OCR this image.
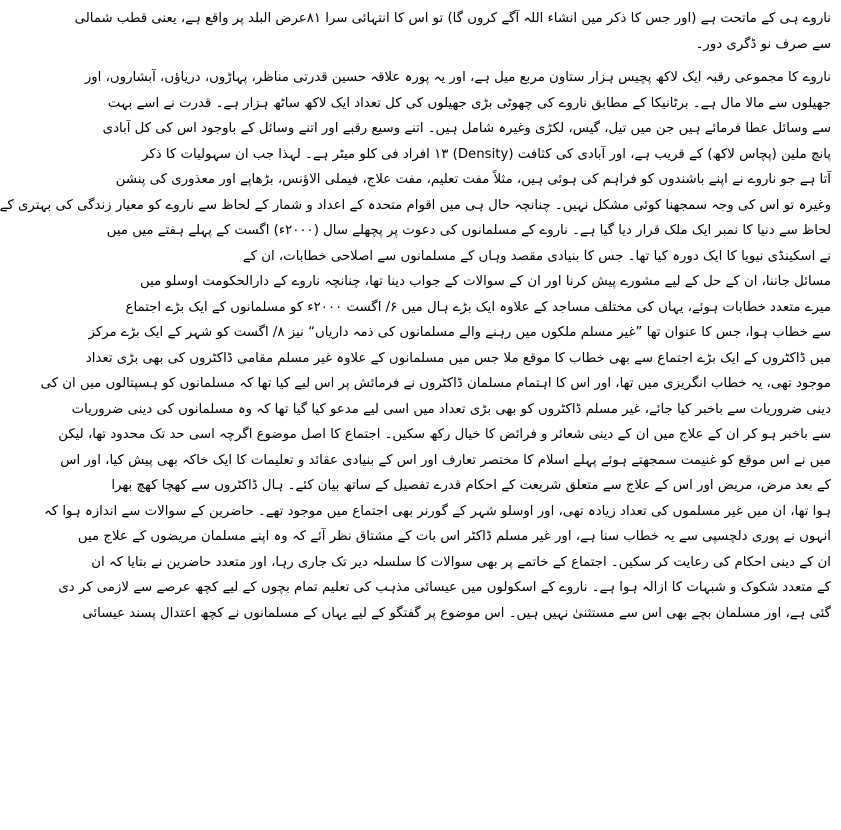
ناروے ہی کے ماتحت ہے (اور جس کا ذکر میں انشاء اللہ آگے کروں گا) تو اس کا انتہائی سرا ۸۱عرض البلد پر واقع ہے، یعنی قطب شمالی
سے صرف نو ڈگری دور۔
ناروے کا مجموعی رقبہ ایک لاکھ پچیس ہزار ستاون مربع میل ہے، اور یہ پورہ علاقہ حسین قدرتی مناظر، پہاڑوں، دریاؤں، آبشاروں، اور
جھیلوں سے مالا مال ہے۔ برٹانیکا کے مطابق ناروے کی چھوٹی بڑی جھیلوں کی کل تعداد ایک لاکھ ساٹھ ہزار ہے۔ قدرت نے اسے بہت
سے وسائل عطا فرمائے ہیں جن میں تیل، گیس، لکڑی وغیرہ شامل ہیں۔ اتنے وسیع رقبے اور اتنے وسائل کے باوجود اس کی کل آبادی
پانچ ملین (پچاس لاکھ) کے قریب ہے، اور آبادی کی کثافت (Density) ۱۳ افراد فی کلو میٹر ہے۔ لہذا جب ان سہولیات کا ذکر
آتا ہے جو ناروے نے اپنے باشندوں کو فراہم کی ہوئی ہیں، مثلاً مفت تعلیم، مفت علاج، فیملی الاؤنس، بڑھاپے اور معذوری کی پنشن
وغیرہ تو اس کی وجہ سمجھنا کوئی مشکل نہیں۔ چنانچہ حال ہی میں اقوام متحدہ کے اعداد و شمار کے لحاظ سے ناروے کو معیار زندگی کی بہتری کے
لحاظ سے دنیا کا نمبر ایک ملک قرار دیا گیا ہے۔ ناروے کے مسلمانوں کی دعوت پر پچھلے سال (۲۰۰۰ء) اگست کے پہلے ہفتے میں میں
نے اسکینڈی نیویا کا ایک دورہ کیا تھا۔ جس کا بنیادی مقصد وہاں کے مسلمانوں سے اصلاحی خطابات، ان کے
مسائل جاننا، ان کے حل کے لیے مشورے پیش کرنا اور ان کے سوالات کے جواب دینا تھا، چنانچہ ناروے کے دارالحکومت اوسلو میں
میرے متعدد خطابات ہوئے، یہاں کی مختلف مساجد کے علاوہ ایک بڑے ہال میں ۶/ اگست ۲۰۰۰ء کو مسلمانوں کے ایک بڑے اجتماع
سے خطاب ہوا، جس کا عنوان تھا ”غیر مسلم ملکوں میں رہنے والے مسلمانوں کی ذمہ داریاں“ نیز ۸/ اگست کو شہر کے ایک بڑے مرکز
میں ڈاکٹروں کے ایک بڑے اجتماع سے بھی خطاب کا موقع ملا جس میں مسلمانوں کے علاوہ غیر مسلم مقامی ڈاکٹروں کی بھی بڑی تعداد
موجود تھی، یہ خطاب انگریزی میں تھا، اور اس کا اہتمام مسلمان ڈاکٹروں نے فرمائش پر اس لیے کیا تھا کہ مسلمانوں کو ہسپتالوں میں ان کی
دینی ضروریات سے باخبر کیا جائے، غیر مسلم ڈاکٹروں کو بھی بڑی تعداد میں اسی لیے مدعو کیا گیا تھا کہ وہ مسلمانوں کی دینی ضروریات
سے باخبر ہو کر ان کے علاج میں ان کے دینی شعائر و فرائض کا خیال رکھ سکیں۔ اجتماع کا اصل موضوع اگرچہ اسی حد تک محدود تھا، لیکن
میں نے اس موقع کو غنیمت سمجھتے ہوئے پہلے اسلام کا مختصر تعارف اور اس کے بنیادی عقائد و تعلیمات کا ایک خاکہ بھی پیش کیا، اور اس
کے بعد مرض، مریض اور اس کے علاج سے متعلق شریعت کے احکام قدرے تفصیل کے ساتھ بیان کئے۔ ہال ڈاکٹروں سے کھچا کھچ بھرا
ہوا تھا، ان میں غیر مسلموں کی تعداد زیادہ تھی، اور اوسلو شہر کے گورنر بھی اجتماع میں موجود تھے۔ حاضرین کے سوالات سے اندازہ ہوا کہ
انہوں نے پوری دلچسپی سے یہ خطاب سنا ہے، اور غیر مسلم ڈاکٹر اس بات کے مشتاق نظر آئے کہ وہ اپنے مسلمان مریضوں کے علاج میں
ان کے دینی احکام کی رعایت کر سکیں۔ اجتماع کے خاتمے پر بھی سوالات کا سلسلہ دیر تک جاری رہا، اور متعدد حاضرین نے بتایا کہ ان
کے متعدد شکوک و شبہات کا ازالہ ہوا ہے۔ ناروے کے اسکولوں میں عیسائی مذہب کی تعلیم تمام بچوں کے لیے کچھ عرصے سے لازمی کر دی
گئی ہے، اور مسلمان بچے بھی اس سے مستثنیٰ نہیں ہیں۔ اس موضوع پر گفتگو کے لیے یہاں کے مسلمانوں نے کچھ اعتدال پسند عیسائی
